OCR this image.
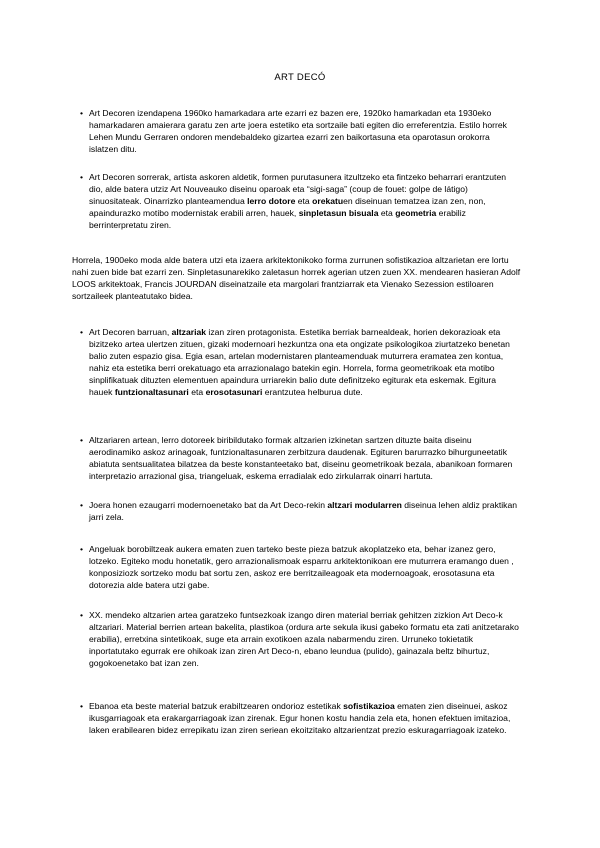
ART DECÓ
• Art Decoren izendapena 1960ko hamarkadara arte ezarri ez bazen ere, 1920ko hamarkadan eta 1930eko hamarkadaren amaierara garatu zen arte joera estetiko eta sortzaile bati egiten dio erreferentzia. Estilo horrek Lehen Mundu Gerraren ondoren mendebaldeko gizartea ezarri zen baikortasuna eta oparotasun orokorra islatzen ditu.

• Art Decoren sorrerak, artista askoren aldetik, formen purutasunera itzultzeko eta fintzeko beharrari erantzuten dio, alde batera utziz Art Nouveauko diseinu oparoak eta “sigi-saga” (coup de fouet: golpe de látigo) sinuositateak. Oinarrizko planteamendua lerro dotore eta orekatuen diseinuan tematzea izan zen, non, apaindurazko motibo modernistak erabili arren, hauek, sinpletasun bisuala eta geometria erabiliz berrinterpretatu ziren.

Horrela, 1900eko moda alde batera utzi eta izaera arkitektonikoko forma zurrunen sofistikazioa altzarietan ere lortu nahi zuen bide bat ezarri zen. Sinpletasunarekiko zaletasun horrek agerian utzen zuen XX. mendearen hasieran Adolf LOOS arkitektoak, Francis JOURDAN diseinatzaile eta margolari frantziarrak eta Vienako Sezession estiloaren sortzaileek planteatutako bidea.

• Art Decoren barruan, altzariak izan ziren protagonista. Estetika berriak barnealdeak, horien dekorazioak eta bizitzeko artea ulertzen zituen, gizaki modernoari hezkuntza ona eta ongizate psikologikoa ziurtatzeko benetan balio zuten espazio gisa. Egia esan, artelan modernistaren planteamenduak muturrera eramatea zen kontua, nahiz eta estetika berri orekatuago eta arrazionalago batekin egin. Horrela, forma geometrikoak eta motibo sinplifikatuak dituzten elementuen apaindura urriarekin balio dute definitzeko egiturak eta eskemak. Egitura hauek funtzionaltasunari eta erosotasunari erantzutea helburua dute.

• Altzariaren artean, lerro dotoreek biribildutako formak altzarien izkinetan sartzen dituzte baita diseinu aerodinamiko askoz arinagoak, funtzionaltasunaren zerbitzura daudenak. Egituren barurrazko bihurguneetatik abiatuta sentsualitatea bilatzea da beste konstanteetako bat, diseinu geometrikoak bezala, abanikoan formaren interpretazio arrazional gisa, triangeluak, eskema erradialak edo zirkularrak oinarri hartuta.

• Joera honen ezaugarri modernoenetako bat da Art Deco-rekin altzari modularren diseinua lehen aldiz praktikan jarri zela.

• Angeluak borobiltzeak aukera ematen zuen tarteko beste pieza batzuk akoplatzeko eta, behar izanez gero, lotzeko. Egiteko modu honetatik, gero arrazionalismoak esparru arkitektonikoan ere muturrera eramango duen , konposiziozk sortzeko modu bat sortu zen, askoz ere berritzaileagoak eta modernoagoak, erosotasuna eta dotorezia alde batera utzi gabe.

• XX. mendeko altzarien artea garatzeko funtsezkoak izango diren material berriak gehitzen zizkion Art Deco-k altzariari. Material berrien artean bakelita, plastikoa (ordura arte sekula ikusi gabeko formatu eta zati anitzetarako erabilia), erretxina sintetikoak, suge eta arrain exotikoen azala nabarmendu ziren. Urruneko tokietatik inportatutako egurrak ere ohikoak izan ziren Art Deco-n, ebano leundua (pulido), gainazala beltz bihurtuz, gogokoenetako bat izan zen.

• Ebanoa eta beste material batzuk erabiltzearen ondorioz estetikak sofistikazioa ematen zien diseinuei, askoz ikusgarriagoak eta erakargarriagoak izan zirenak. Egur honen kostu handia zela eta, honen efektuen imitazioa, laken erabilearen bidez errepikatu izan ziren seriean ekoitzitako altzarientzat prezio eskuragarriagoak izateko.
